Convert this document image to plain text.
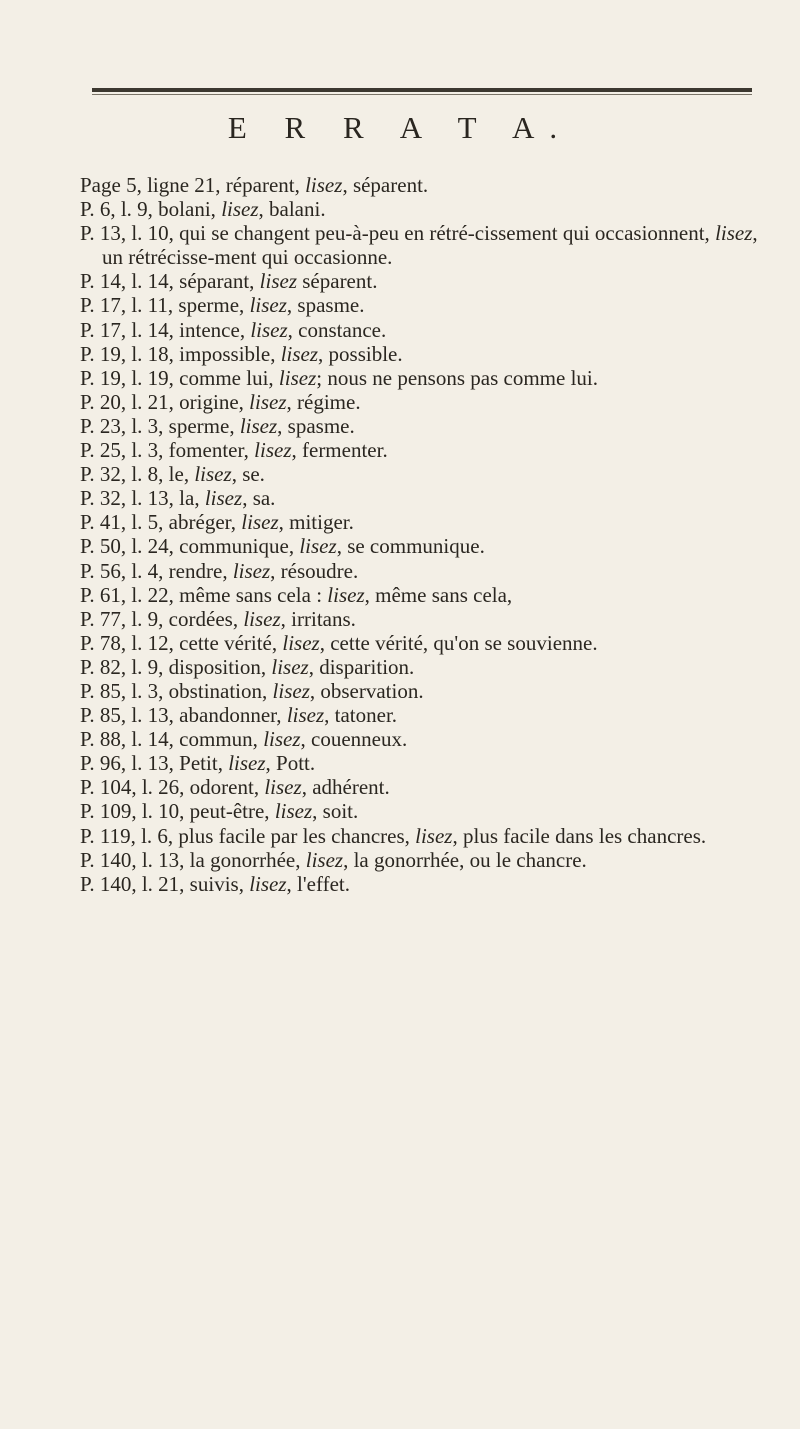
E R R A T A.

Page 5, ligne 21, réparent, lisez, séparent.

P. 6, l. 9, bolani, lisez, balani.

P. 13, l. 10, qui se changent peu-à-peu en rétré-cissement qui occasionnent, lisez, un rétrécisse-ment qui occasionne.

P. 14, l. 14, séparant, lisez séparent.

P. 17, l. 11, sperme, lisez, spasme.

P. 17, l. 14, intence, lisez, constance.

P. 19, l. 18, impossible, lisez, possible.

P. 19, l. 19, comme lui, lisez; nous ne pensons pas comme lui.

P. 20, l. 21, origine, lisez, régime.

P. 23, l. 3, sperme, lisez, spasme.

P. 25, l. 3, fomenter, lisez, fermenter.

P. 32, l. 8, le, lisez, se.

P. 32, l. 13, la, lisez, sa.

P. 41, l. 5, abréger, lisez, mitiger.

P. 50, l. 24, communique, lisez, se communique.

P. 56, l. 4, rendre, lisez, résoudre.

P. 61, l. 22, même sans cela : lisez, même sans cela,

P. 77, l. 9, cordées, lisez, irritans.

P. 78, l. 12, cette vérité, lisez, cette vérité, qu'on se souvienne.

P. 82, l. 9, disposition, lisez, disparition.

P. 85, l. 3, obstination, lisez, observation.

P. 85, l. 13, abandonner, lisez, tatoner.

P. 88, l. 14, commun, lisez, couenneux.

P. 96, l. 13, Petit, lisez, Pott.

P. 104, l. 26, odorent, lisez, adhérent.

P. 109, l. 10, peut-être, lisez, soit.

P. 119, l. 6, plus facile par les chancres, lisez, plus facile dans les chancres.

P. 140, l. 13, la gonorrhée, lisez, la gonorrhée, ou le chancre.

P. 140, l. 21, suivis, lisez, l'effet.
